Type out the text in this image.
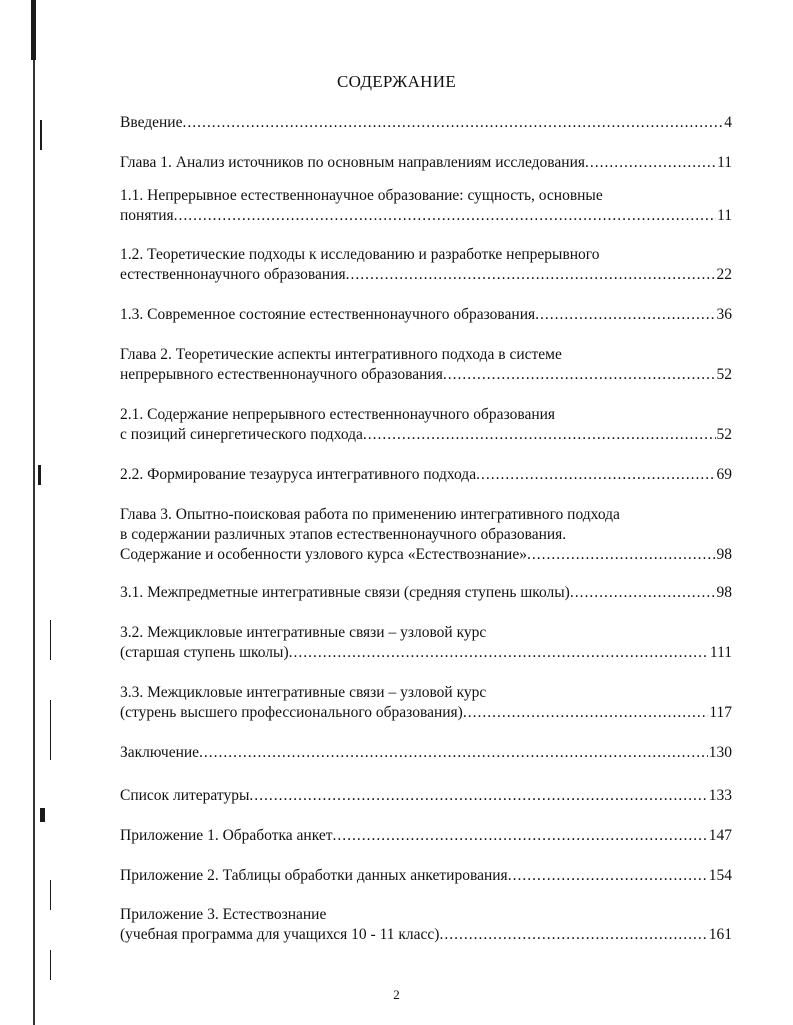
СОДЕРЖАНИЕ
Введение .....	4
Глава 1. Анализ источников по основным направлениям исследования .....	11
1.1. Непрерывное естественнонаучное образование: сущность, основные
понятия .....	11
1.2. Теоретические подходы к исследованию и разработке непрерывного
естественнонаучного образования .....	22
1.3. Современное состояние естественнонаучного образования .....	36
Глава 2. Теоретические аспекты интегративного подхода в системе
непрерывного естественнонаучного образования .....	52
2.1. Содержание непрерывного естественнонаучного образования
с позиций синергетического подхода .....	52
2.2. Формирование тезауруса интегративного подхода .....	69
Глава 3. Опытно-поисковая работа по применению интегративного подхода
в содержании различных этапов естественнонаучного образования.
Содержание и особенности узлового курса «Естествознание» .....	98
3.1. Межпредметные интегративные связи (средняя ступень школы) .....	98
3.2. Межцикловые интегративные связи – узловой курс
(старшая ступень школы) .....	111
3.3. Межцикловые интегративные связи – узловой курс
(стурень высшего профессионального образования) .....	117
Заключение .....	130
Список литературы .....	133
Приложение 1. Обработка анкет .....	147
Приложение 2. Таблицы обработки данных анкетирования .....	154
Приложение 3. Естествознание
(учебная программа для учащихся 10 - 11 класс) .....	161
2
